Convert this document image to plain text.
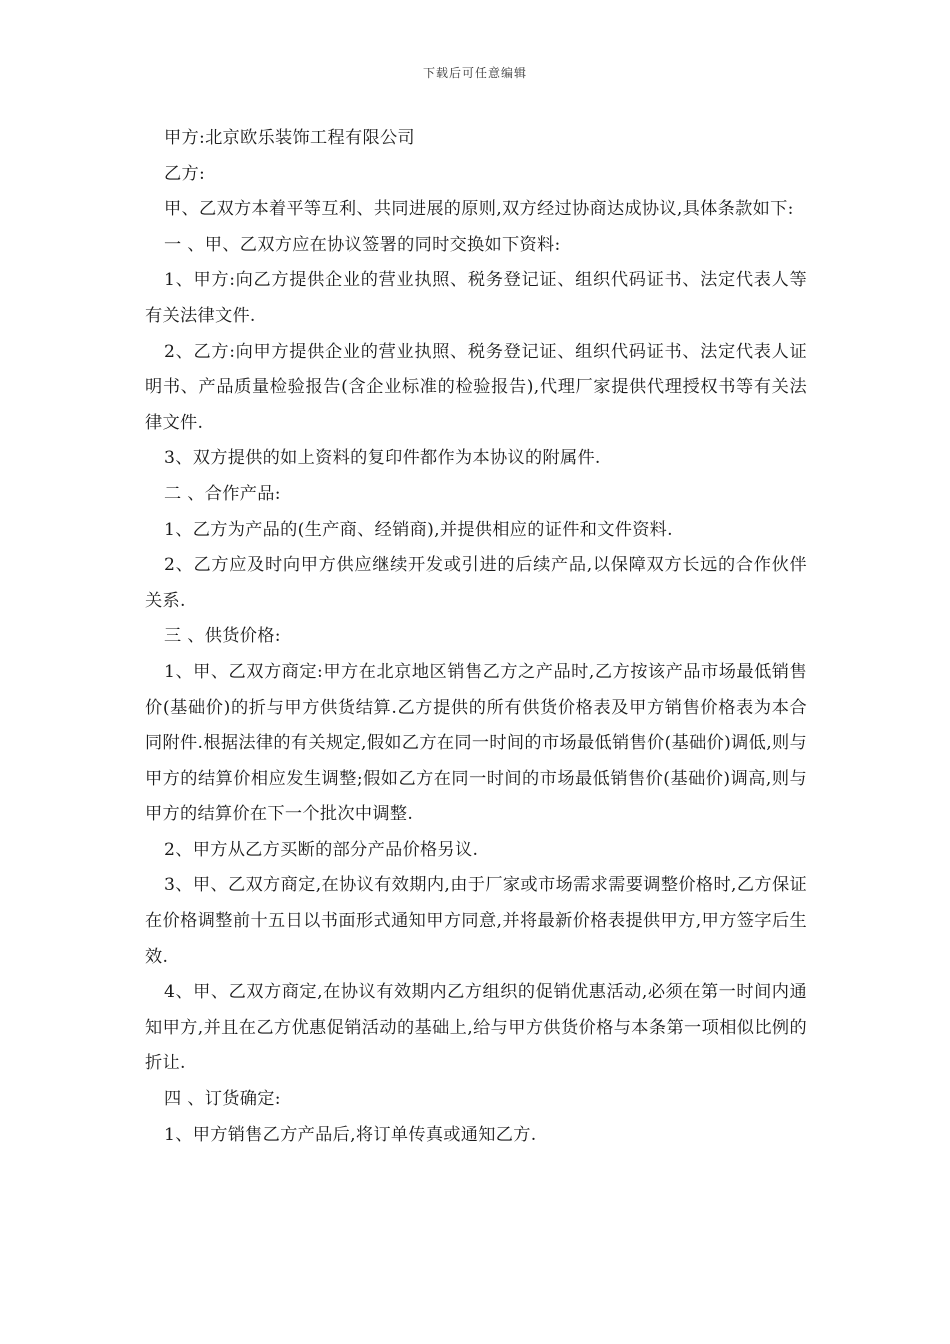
下载后可任意编辑

甲方:北京欧乐装饰工程有限公司

乙方:

甲、乙双方本着平等互利、共同进展的原则,双方经过协商达成协议,具体条款如下:

一 、甲、乙双方应在协议签署的同时交换如下资料:

1、甲方:向乙方提供企业的营业执照、税务登记证、组织代码证书、法定代表人等有关法律文件.

2、乙方:向甲方提供企业的营业执照、税务登记证、组织代码证书、法定代表人证明书、产品质量检验报告(含企业标准的检验报告),代理厂家提供代理授权书等有关法律文件.

3、双方提供的如上资料的复印件都作为本协议的附属件.

二 、合作产品:

1、乙方为产品的(生产商、经销商),并提供相应的证件和文件资料.

2、乙方应及时向甲方供应继续开发或引进的后续产品,以保障双方长远的合作伙伴关系.

三 、供货价格:

1、甲、乙双方商定:甲方在北京地区销售乙方之产品时,乙方按该产品市场最低销售价(基础价)的折与甲方供货结算.乙方提供的所有供货价格表及甲方销售价格表为本合同附件.根据法律的有关规定,假如乙方在同一时间的市场最低销售价(基础价)调低,则与甲方的结算价相应发生调整;假如乙方在同一时间的市场最低销售价(基础价)调高,则与甲方的结算价在下一个批次中调整.

2、甲方从乙方买断的部分产品价格另议.

3、甲、乙双方商定,在协议有效期内,由于厂家或市场需求需要调整价格时,乙方保证在价格调整前十五日以书面形式通知甲方同意,并将最新价格表提供甲方,甲方签字后生效.

4、甲、乙双方商定,在协议有效期内乙方组织的促销优惠活动,必须在第一时间内通知甲方,并且在乙方优惠促销活动的基础上,给与甲方供货价格与本条第一项相似比例的折让.

四 、订货确定:

1、甲方销售乙方产品后,将订单传真或通知乙方.
